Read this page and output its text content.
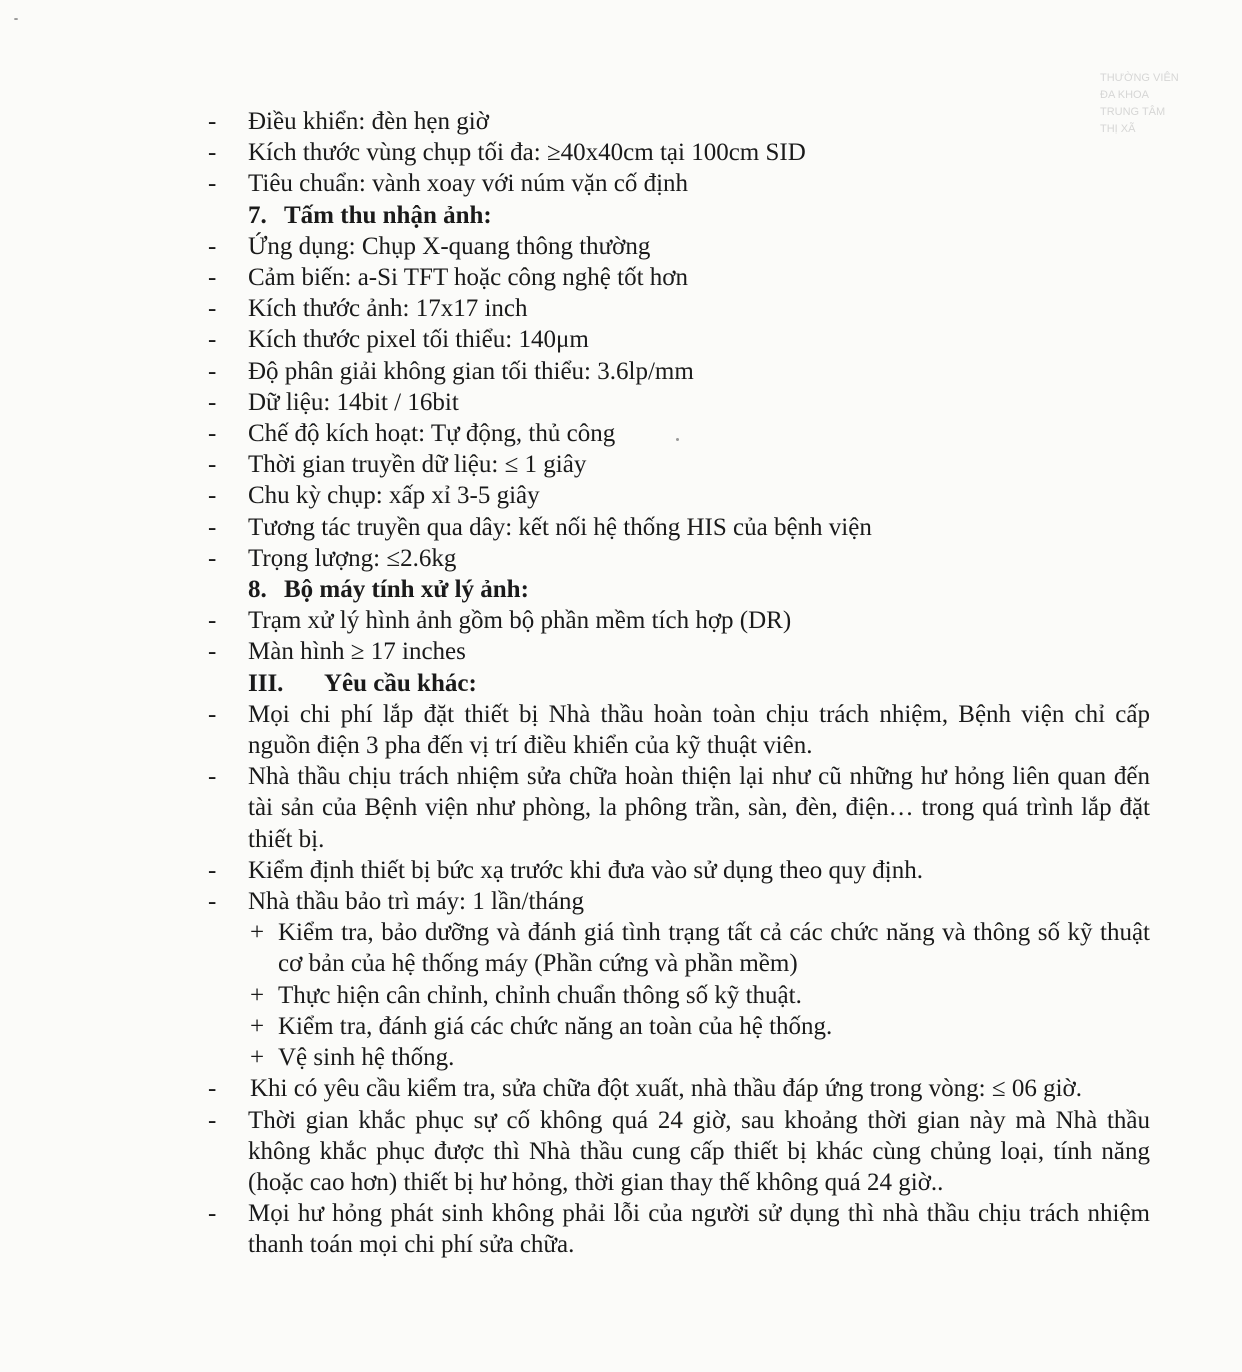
THƯỜNG VIÊN
ĐA KHOA
TRUNG TÂM
THỊ XÃ
- Điều khiển: đèn hẹn giờ
- Kích thước vùng chụp tối đa: ≥40x40cm tại 100cm SID
- Tiêu chuẩn: vành xoay với núm vặn cố định
7. Tấm thu nhận ảnh:
- Ứng dụng: Chụp X-quang thông thường
- Cảm biến: a-Si TFT hoặc công nghệ tốt hơn
- Kích thước ảnh: 17x17 inch
- Kích thước pixel tối thiểu: 140μm
- Độ phân giải không gian tối thiểu: 3.6lp/mm
- Dữ liệu: 14bit / 16bit
- Chế độ kích hoạt: Tự động, thủ công
- Thời gian truyền dữ liệu: ≤ 1 giây
- Chu kỳ chụp: xấp xỉ 3-5 giây
- Tương tác truyền qua dây: kết nối hệ thống HIS của bệnh viện
- Trọng lượng: ≤2.6kg
8. Bộ máy tính xử lý ảnh:
- Trạm xử lý hình ảnh gồm bộ phần mềm tích hợp (DR)
- Màn hình ≥ 17 inches
III. Yêu cầu khác:
- Mọi chi phí lắp đặt thiết bị Nhà thầu hoàn toàn chịu trách nhiệm, Bệnh viện chỉ cấp nguồn điện 3 pha đến vị trí điều khiển của kỹ thuật viên.
- Nhà thầu chịu trách nhiệm sửa chữa hoàn thiện lại như cũ những hư hỏng liên quan đến tài sản của Bệnh viện như phòng, la phông trần, sàn, đèn, điện… trong quá trình lắp đặt thiết bị.
- Kiểm định thiết bị bức xạ trước khi đưa vào sử dụng theo quy định.
- Nhà thầu bảo trì máy: 1 lần/tháng
+ Kiểm tra, bảo dưỡng và đánh giá tình trạng tất cả các chức năng và thông số kỹ thuật cơ bản của hệ thống máy (Phần cứng và phần mềm)
+ Thực hiện cân chỉnh, chỉnh chuẩn thông số kỹ thuật.
+ Kiểm tra, đánh giá các chức năng an toàn của hệ thống.
+ Vệ sinh hệ thống.
- Khi có yêu cầu kiểm tra, sửa chữa đột xuất, nhà thầu đáp ứng trong vòng: ≤ 06 giờ.
- Thời gian khắc phục sự cố không quá 24 giờ, sau khoảng thời gian này mà Nhà thầu không khắc phục được thì Nhà thầu cung cấp thiết bị khác cùng chủng loại, tính năng (hoặc cao hơn) thiết bị hư hỏng, thời gian thay thế không quá 24 giờ..
- Mọi hư hỏng phát sinh không phải lỗi của người sử dụng thì nhà thầu chịu trách nhiệm thanh toán mọi chi phí sửa chữa.
